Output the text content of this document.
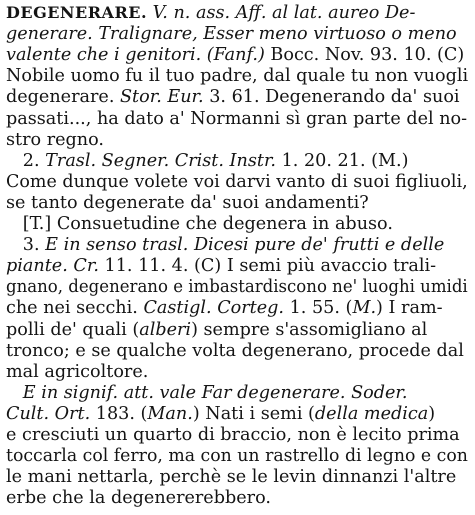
DEGENERARE. V. n. ass. Aff. al lat. aureo De-
generare. Tralignare, Esser meno virtuoso o meno
valente che i genitori. (Fanf.) Bocc. Nov. 93. 10. (C)
Nobile uomo fu il tuo padre, dal quale tu non vuogli
degenerare. Stor. Eur. 3. 61. Degenerando da' suoi
passati..., ha dato a' Normanni sì gran parte del no-
stro regno.
2. Trasl. Segner. Crist. Instr. 1. 20. 21. (M.)
Come dunque volete voi darvi vanto di suoi figliuoli,
se tanto degenerate da' suoi andamenti?
[T.] Consuetudine che degenera in abuso.
3. E in senso trasl. Dicesi pure de' frutti e delle
piante. Cr. 11. 11. 4. (C) I semi più avaccio trali-
gnano, degenerano e imbastardiscono ne' luoghi umidi
che nei secchi. Castigl. Corteg. 1. 55. (M.) I ram-
polli de' quali (alberi) sempre s'assomigliano al
tronco; e se qualche volta degenerano, procede dal
mal agricoltore.
E in signif. att. vale Far degenerare. Soder.
Cult. Ort. 183. (Man.) Nati i semi (della medica)
e cresciuti un quarto di braccio, non è lecito prima
toccarla col ferro, ma con un rastrello di legno e con
le mani nettarla, perchè se le levin dinnanzi l'altre
erbe che la degenererebbero.
